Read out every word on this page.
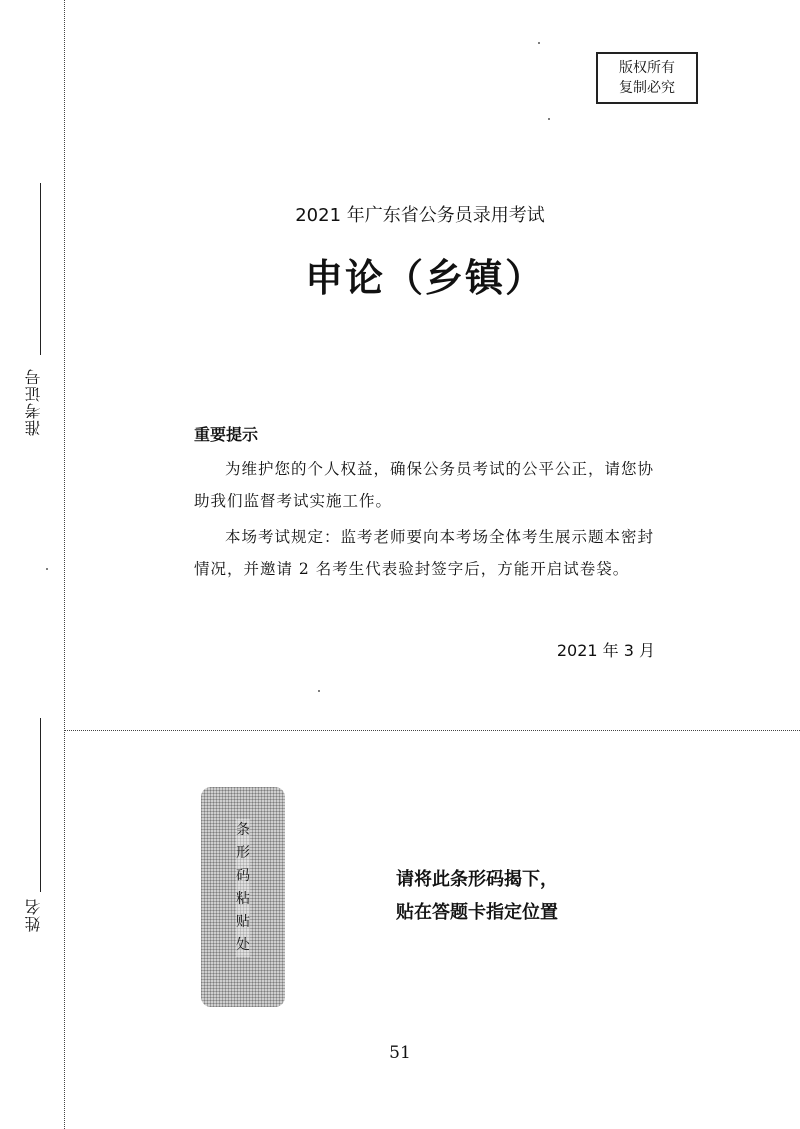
准考证号
姓名
版权所有
复制必究
2021 年广东省公务员录用考试
申论（乡镇）
重要提示
为维护您的个人权益，确保公务员考试的公平公正，请您协助我们监督考试实施工作。
本场考试规定：监考老师要向本考场全体考生展示题本密封情况，并邀请 2 名考生代表验封签字后，方能开启试卷袋。
2021 年 3 月
条
形
码
粘
贴
处
请将此条形码揭下，
贴在答题卡指定位置
51
